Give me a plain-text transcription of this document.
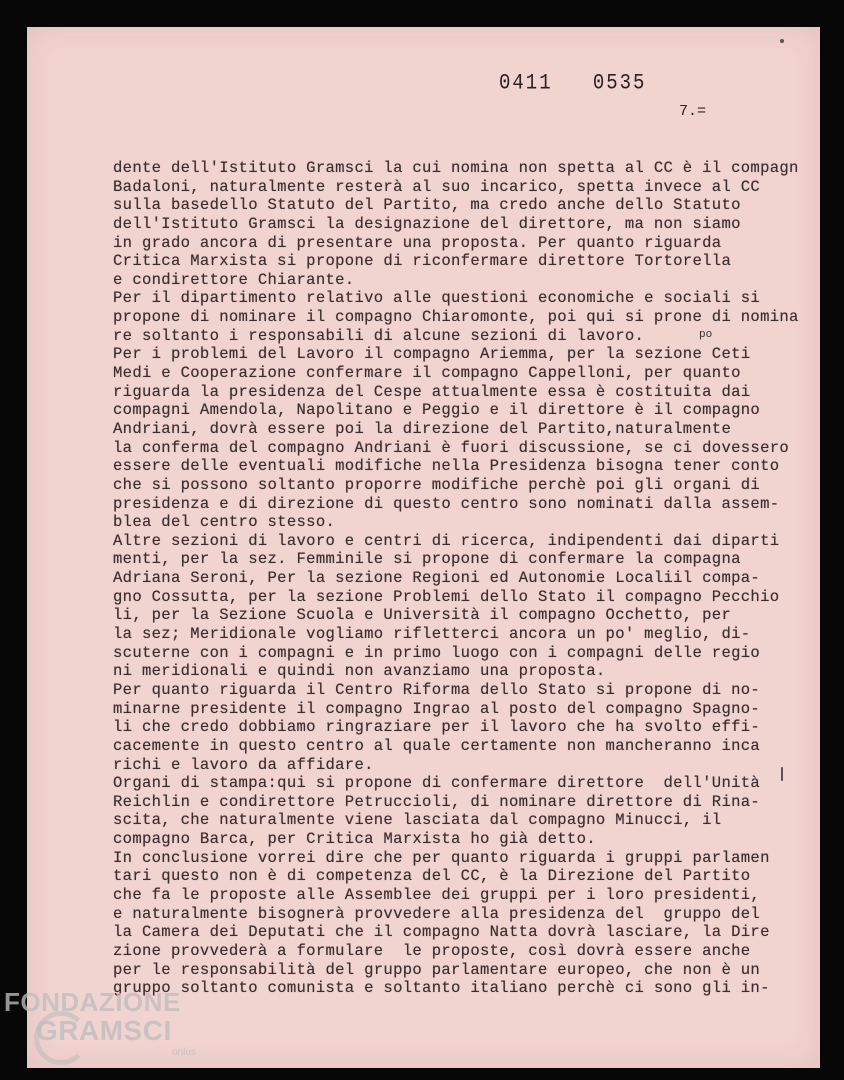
0411   0535
7.=
po
dente dell'Istituto Gramsci la cui nomina non spetta al CC è il compagn
Badaloni, naturalmente resterà al suo incarico, spetta invece al CC
sulla basedello Statuto del Partito, ma credo anche dello Statuto
dell'Istituto Gramsci la designazione del direttore, ma non siamo
in grado ancora di presentare una proposta. Per quanto riguarda
Critica Marxista si propone di riconfermare direttore Tortorella
e condirettore Chiarante.
Per il dipartimento relativo alle questioni economiche e sociali si
propone di nominare il compagno Chiaromonte, poi qui si prone di nomina
re soltanto i responsabili di alcune sezioni di lavoro.
Per i problemi del Lavoro il compagno Ariemma, per la sezione Ceti
Medi e Cooperazione confermare il compagno Cappelloni, per quanto
riguarda la presidenza del Cespe attualmente essa è costituita dai
compagni Amendola, Napolitano e Peggio e il direttore è il compagno
Andriani, dovrà essere poi la direzione del Partito,naturalmente
la conferma del compagno Andriani è fuori discussione, se ci dovessero
essere delle eventuali modifiche nella Presidenza bisogna tener conto
che si possono soltanto proporre modifiche perchè poi gli organi di
presidenza e di direzione di questo centro sono nominati dalla assem-
blea del centro stesso.
Altre sezioni di lavoro e centri di ricerca, indipendenti dai diparti
menti, per la sez. Femminile si propone di confermare la compagna
Adriana Seroni, Per la sezione Regioni ed Autonomie Localiil compa-
gno Cossutta, per la sezione Problemi dello Stato il compagno Pecchio
li, per la Sezione Scuola e Università il compagno Occhetto, per
la sez; Meridionale vogliamo rifletterci ancora un po' meglio, di-
scuterne con i compagni e in primo luogo con i compagni delle regio
ni meridionali e quindi non avanziamo una proposta.
Per quanto riguarda il Centro Riforma dello Stato si propone di no-
minarne presidente il compagno Ingrao al posto del compagno Spagno-
li che credo dobbiamo ringraziare per il lavoro che ha svolto effi-
cacemente in questo centro al quale certamente non mancheranno inca
richi e lavoro da affidare.
Organi di stampa:qui si propone di confermare direttore  dell'Unità
Reichlin e condirettore Petruccioli, di nominare direttore di Rina-
scita, che naturalmente viene lasciata dal compagno Minucci, il
compagno Barca, per Critica Marxista ho già detto.
In conclusione vorrei dire che per quanto riguarda i gruppi parlamen
tari questo non è di competenza del CC, è la Direzione del Partito
che fa le proposte alle Assemblee dei gruppi per i loro presidenti,
e naturalmente bisognerà provvedere alla presidenza del  gruppo del
la Camera dei Deputati che il compagno Natta dovrà lasciare, la Dire
zione provvederà a formulare  le proposte, così dovrà essere anche
per le responsabilità del gruppo parlamentare europeo, che non è un
gruppo soltanto comunista e soltanto italiano perchè ci sono gli in-
FONDAZIONE
GRAMSCI
onlus
